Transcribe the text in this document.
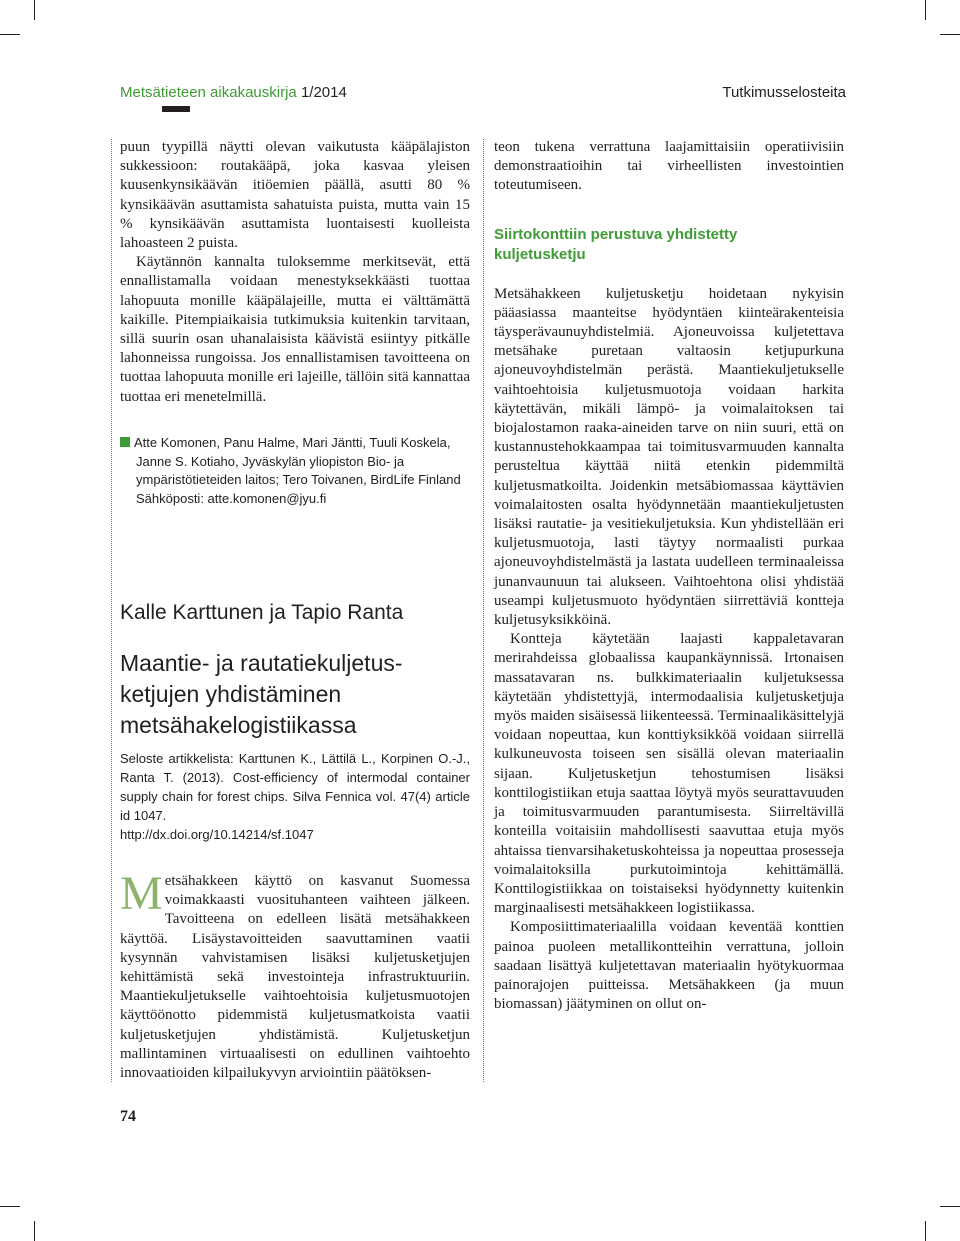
Metsätieteen aikakauskirja 1/2014	Tutkimusselosteita

puun tyypillä näytti olevan vaikutusta kääpälajiston sukkessioon: routakääpä, joka kasvaa yleisen kuusenkynsikäävän itiöemien päällä, asutti 80 % kynsikäävän asuttamista sahatuista puista, mutta vain 15 % kynsikäävän asuttamista luontaisesti kuolleista lahoasteen 2 puista.

Käytännön kannalta tuloksemme merkitsevät, että ennallistamalla voidaan menestyksekkäästi tuottaa lahopuuta monille kääpälajeille, mutta ei välttämättä kaikille. Pitempiaikaisia tutkimuksia kuitenkin tarvitaan, sillä suurin osan uhanalaisista käävistä esiintyy pitkälle lahonneissa rungoissa. Jos ennallistamisen tavoitteena on tuottaa lahopuuta monille eri lajeille, tällöin sitä kannattaa tuottaa eri menetelmillä.

Atte Komonen, Panu Halme, Mari Jäntti, Tuuli Koskela,
Janne S. Kotiaho, Jyväskylän yliopiston Bio- ja ympäristötieteiden laitos; Tero Toivanen, BirdLife Finland
Sähköposti: atte.komonen@jyu.fi
Kalle Karttunen ja Tapio Ranta
Maantie- ja rautatiekuljetus-
ketjujen yhdistäminen
metsähakelogistiikassa
Seloste artikkelista: Karttunen K., Lättilä L., Korpinen O.-J., Ranta T. (2013). Cost-efficiency of intermodal container supply chain for forest chips. Silva Fennica vol. 47(4) article id 1047.
http://dx.doi.org/10.14214/sf.1047
Metsähakkeen käyttö on kasvanut Suomessa voimakkaasti vuosituhanteen vaihteen jälkeen. Tavoitteena on edelleen lisätä metsähakkeen käyttöä. Lisäystavoitteiden saavuttaminen vaatii kysynnän vahvistamisen lisäksi kuljetusketjujen kehittämistä sekä investointeja infrastruktuuriin. Maantiekuljetukselle vaihtoehtoisia kuljetusmuotojen käyttöönotto pidemmistä kuljetusmatkoista vaatii kuljetusketjujen yhdistämistä. Kuljetusketjun mallintaminen virtuaalisesti on edullinen vaihtoehto innovaatioiden kilpailukyvyn arviointiin päätöksen-

teon tukena verrattuna laajamittaisiin operatiivisiin demonstraatioihin tai virheellisten investointien toteutumiseen.

Siirtokonttiin perustuva yhdistetty
kuljetusketju

Metsähakkeen kuljetusketju hoidetaan nykyisin pääasiassa maanteitse hyödyntäen kiinteärakenteisia täysperävaunuyhdistelmiä. Ajoneuvoissa kuljetettava metsähake puretaan valtaosin ketjupurkuna ajoneuvoyhdistelmän perästä. Maantiekuljetukselle vaihtoehtoisia kuljetusmuotoja voidaan harkita käytettävän, mikäli lämpö- ja voimalaitoksen tai biojalostamon raaka-aineiden tarve on niin suuri, että on kustannustehokkaampaa tai toimitusvarmuuden kannalta perusteltua käyttää niitä etenkin pidemmiltä kuljetusmatkoilta. Joidenkin metsäbiomassaa käyttävien voimalaitosten osalta hyödynnetään maantiekuljetusten lisäksi rautatie- ja vesitiekuljetuksia. Kun yhdistellään eri kuljetusmuotoja, lasti täytyy normaalisti purkaa ajoneuvoyhdistelmästä ja lastata uudelleen terminaaleissa junanvaunuun tai alukseen. Vaihtoehtona olisi yhdistää useampi kuljetusmuoto hyödyntäen siirrettäviä kontteja kuljetusyksikköinä.

Kontteja käytetään laajasti kappaletavaran merirahdeissa globaalissa kaupankäynnissä. Irtonaisen massatavaran ns. bulkkimateriaalin kuljetuksessa käytetään yhdistettyjä, intermodaalisia kuljetusketjuja myös maiden sisäisessä liikenteessä. Terminaalikäsittelyjä voidaan nopeuttaa, kun konttiyksikköä voidaan siirrellä kulkuneuvosta toiseen sen sisällä olevan materiaalin sijaan. Kuljetusketjun tehostumisen lisäksi konttilogistiikan etuja saattaa löytyä myös seurattavuuden ja toimitusvarmuuden parantumisesta. Siirreltävillä konteilla voitaisiin mahdollisesti saavuttaa etuja myös ahtaissa tienvarsihaketuskohteissa ja nopeuttaa prosesseja voimalaitoksilla purkutoimintoja kehittämällä. Konttilogistiikkaa on toistaiseksi hyödynnetty kuitenkin marginaalisesti metsähakkeen logistiikassa.

Komposiittimateriaalilla voidaan keventää konttien painoa puoleen metallikontteihin verrattuna, jolloin saadaan lisättyä kuljetettavan materiaalin hyötykuormaa painorajojen puitteissa. Metsähakkeen (ja muun biomassan) jäätyminen on ollut on-

74
